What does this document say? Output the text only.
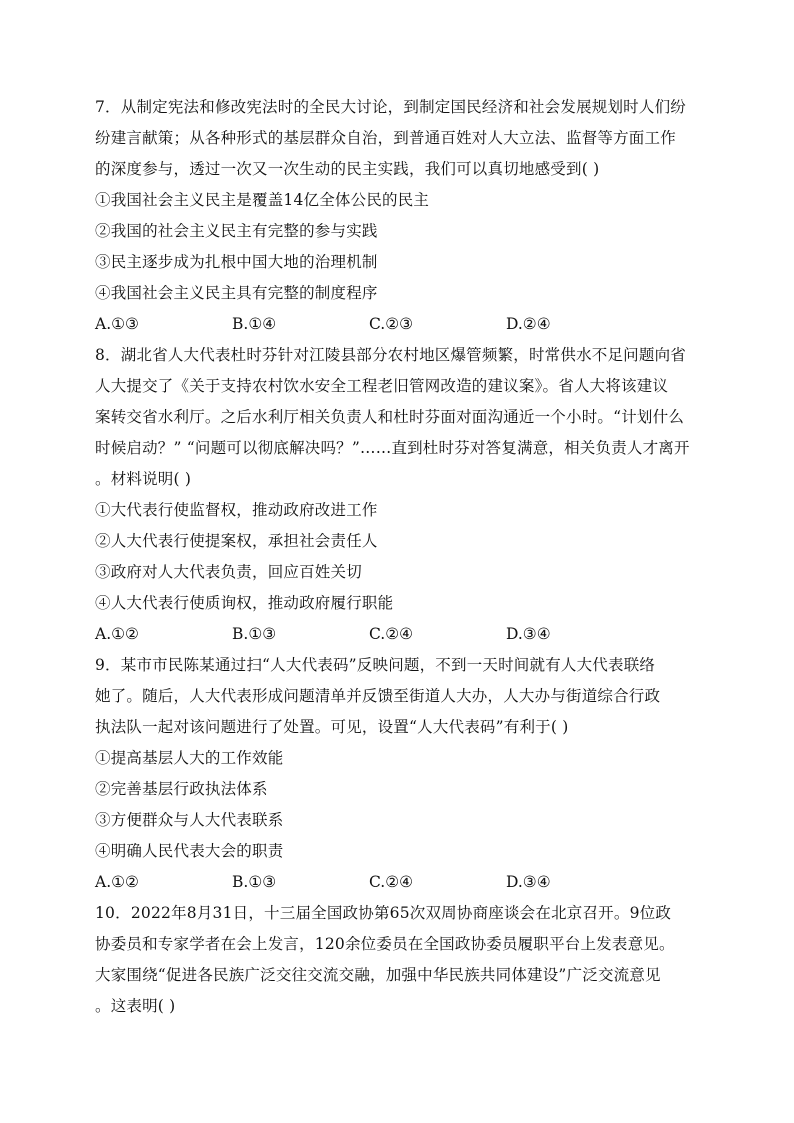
7．从制定宪法和修改宪法时的全民大讨论，到制定国民经济和社会发展规划时人们纷
纷建言献策；从各种形式的基层群众自治，到普通百姓对人大立法、监督等方面工作
的深度参与，透过一次又一次生动的民主实践，我们可以真切地感受到( )
①我国社会主义民主是覆盖14亿全体公民的民主
②我国的社会主义民主有完整的参与实践
③民主逐步成为扎根中国大地的治理机制
④我国社会主义民主具有完整的制度程序
A.①③	B.①④	C.②③	D.②④
8．湖北省人大代表杜时芬针对江陵县部分农村地区爆管频繁，时常供水不足问题向省
人大提交了《关于支持农村饮水安全工程老旧管网改造的建议案》。省人大将该建议
案转交省水利厅。之后水利厅相关负责人和杜时芬面对面沟通近一个小时。“计划什么
时候启动？” “问题可以彻底解决吗？”……直到杜时芬对答复满意，相关负责人才离开
。材料说明( )
①大代表行使监督权，推动政府改进工作
②人大代表行使提案权，承担社会责任人
③政府对人大代表负责，回应百姓关切
④人大代表行使质询权，推动政府履行职能
A.①②	B.①③	C.②④	D.③④
9．某市市民陈某通过扫“人大代表码”反映问题，不到一天时间就有人大代表联络
她了。随后，人大代表形成问题清单并反馈至街道人大办，人大办与街道综合行政
执法队一起对该问题进行了处置。可见，设置“人大代表码”有利于( )
①提高基层人大的工作效能
②完善基层行政执法体系
③方便群众与人大代表联系
④明确人民代表大会的职责
A.①②	B.①③	C.②④	D.③④
10．2022年8月31日，十三届全国政协第65次双周协商座谈会在北京召开。9位政
协委员和专家学者在会上发言，120余位委员在全国政协委员履职平台上发表意见。
大家围绕“促进各民族广泛交往交流交融，加强中华民族共同体建设”广泛交流意见
。这表明( )
